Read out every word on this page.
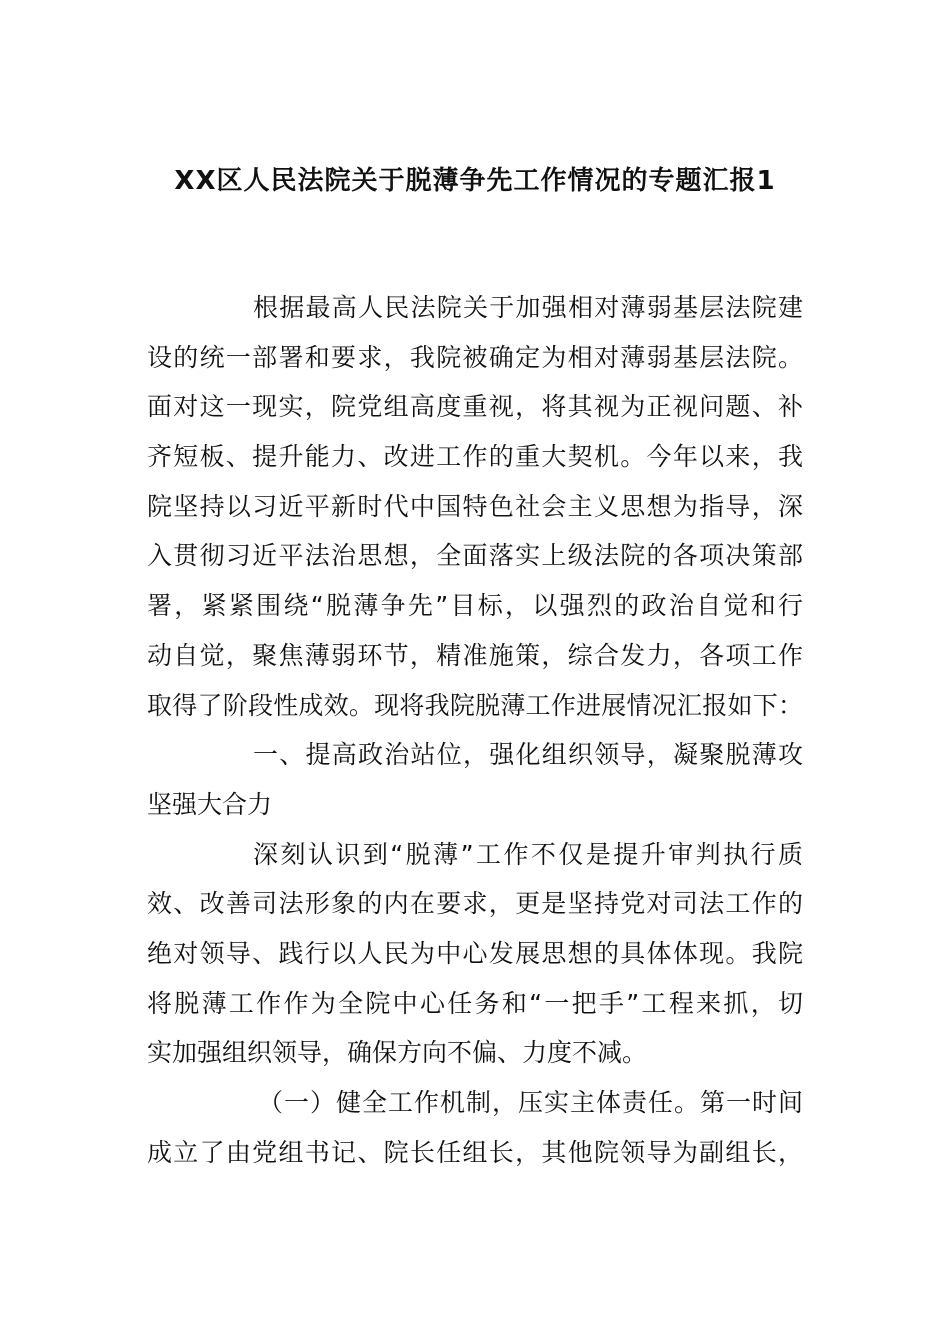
XX区人民法院关于脱薄争先工作情况的专题汇报1
根据最高人民法院关于加强相对薄弱基层法院建
设的统一部署和要求，我院被确定为相对薄弱基层法院。
面对这一现实，院党组高度重视，将其视为正视问题、补
齐短板、提升能力、改进工作的重大契机。今年以来，我
院坚持以习近平新时代中国特色社会主义思想为指导，深
入贯彻习近平法治思想，全面落实上级法院的各项决策部
署，紧紧围绕“脱薄争先”目标，以强烈的政治自觉和行
动自觉，聚焦薄弱环节，精准施策，综合发力，各项工作
取得了阶段性成效。现将我院脱薄工作进展情况汇报如下：
一、提高政治站位，强化组织领导，凝聚脱薄攻
坚强大合力
深刻认识到“脱薄”工作不仅是提升审判执行质
效、改善司法形象的内在要求，更是坚持党对司法工作的
绝对领导、践行以人民为中心发展思想的具体体现。我院
将脱薄工作作为全院中心任务和“一把手”工程来抓，切
实加强组织领导，确保方向不偏、力度不减。
（一）健全工作机制，压实主体责任。第一时间
成立了由党组书记、院长任组长，其他院领导为副组长，
